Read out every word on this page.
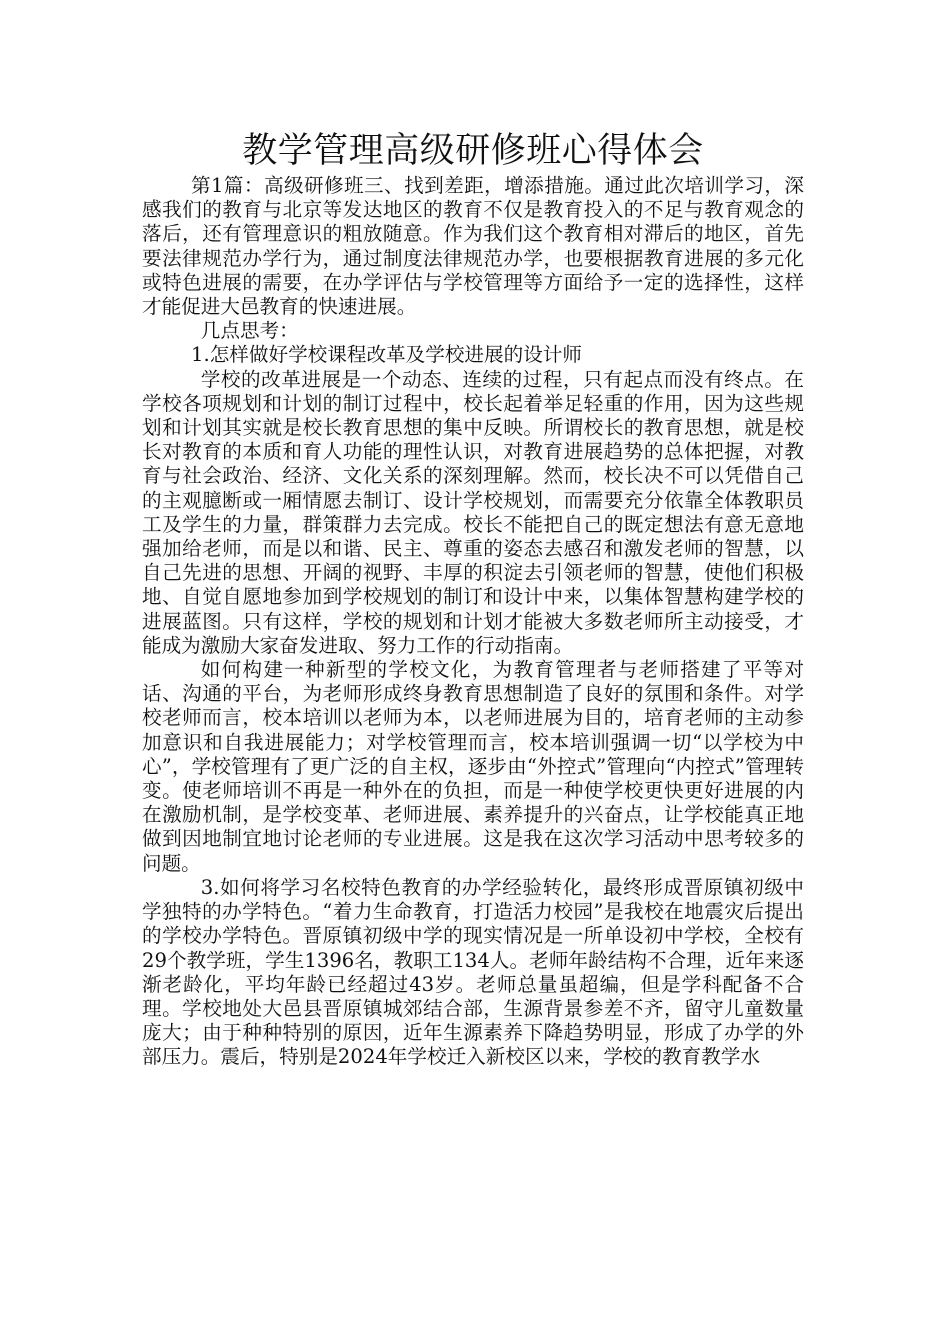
教学管理高级研修班心得体会

第1篇：高级研修班三、找到差距，增添措施。通过此次培训学习，深感我们的教育与北京等发达地区的教育不仅是教育投入的不足与教育观念的落后，还有管理意识的粗放随意。作为我们这个教育相对滞后的地区，首先要法律规范办学行为，通过制度法律规范办学，也要根据教育进展的多元化或特色进展的需要，在办学评估与学校管理等方面给予一定的选择性，这样才能促进大邑教育的快速进展。

几点思考：

1.怎样做好学校课程改革及学校进展的设计师

学校的改革进展是一个动态、连续的过程，只有起点而没有终点。在学校各项规划和计划的制订过程中，校长起着举足轻重的作用，因为这些规划和计划其实就是校长教育思想的集中反映。所谓校长的教育思想，就是校长对教育的本质和育人功能的理性认识，对教育进展趋势的总体把握，对教育与社会政治、经济、文化关系的深刻理解。然而，校长决不可以凭借自己的主观臆断或一厢情愿去制订、设计学校规划，而需要充分依靠全体教职员工及学生的力量，群策群力去完成。校长不能把自己的既定想法有意无意地强加给老师，而是以和谐、民主、尊重的姿态去感召和激发老师的智慧，以自己先进的思想、开阔的视野、丰厚的积淀去引领老师的智慧，使他们积极地、自觉自愿地参加到学校规划的制订和设计中来，以集体智慧构建学校的进展蓝图。只有这样，学校的规划和计划才能被大多数老师所主动接受，才能成为激励大家奋发进取、努力工作的行动指南。

如何构建一种新型的学校文化，为教育管理者与老师搭建了平等对话、沟通的平台，为老师形成终身教育思想制造了良好的氛围和条件。对学校老师而言，校本培训以老师为本，以老师进展为目的，培育老师的主动参加意识和自我进展能力；对学校管理而言，校本培训强调一切“以学校为中心”，学校管理有了更广泛的自主权，逐步由“外控式”管理向“内控式”管理转变。使老师培训不再是一种外在的负担，而是一种使学校更快更好进展的内在激励机制，是学校变革、老师进展、素养提升的兴奋点，让学校能真正地做到因地制宜地讨论老师的专业进展。这是我在这次学习活动中思考较多的问题。

3.如何将学习名校特色教育的办学经验转化，最终形成晋原镇初级中学独特的办学特色。“着力生命教育，打造活力校园”是我校在地震灾后提出的学校办学特色。晋原镇初级中学的现实情况是一所单设初中学校，全校有29个教学班，学生1396名，教职工134人。老师年龄结构不合理，近年来逐渐老龄化，平均年龄已经超过43岁。老师总量虽超编，但是学科配备不合理。学校地处大邑县晋原镇城郊结合部，生源背景参差不齐，留守儿童数量庞大；由于种种特别的原因，近年生源素养下降趋势明显，形成了办学的外部压力。震后，特别是2024年学校迁入新校区以来，学校的教育教学水
